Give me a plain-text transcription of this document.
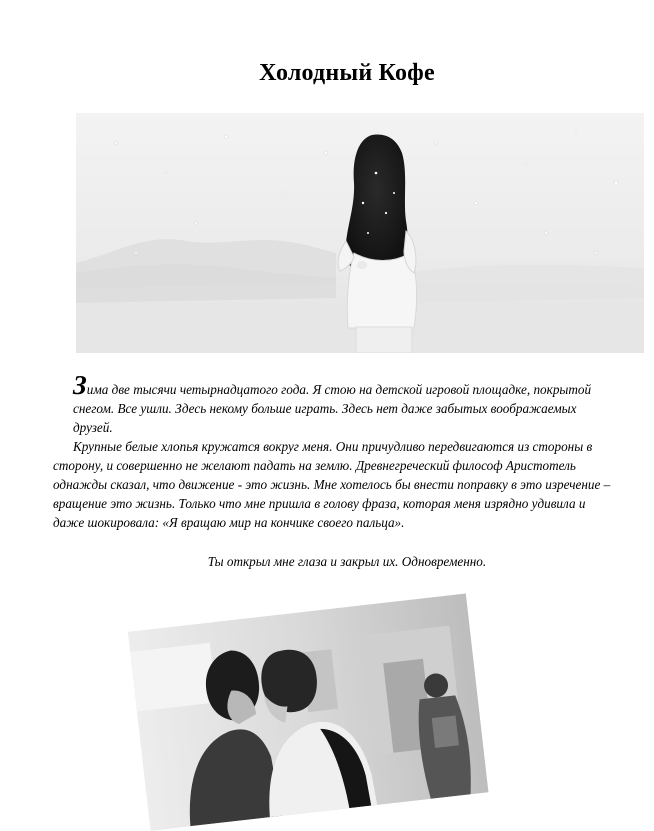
Холодный Кофе

Зима две тысячи четырнадцатого года. Я стою на детской игровой площадке, покрытой снегом. Все ушли. Здесь некому больше играть. Здесь нет даже забытых воображаемых друзей.

Крупные белые хлопья кружатся вокруг меня. Они причудливо передвигаются из стороны в сторону, и совершенно не желают падать на землю. Древнегреческий философ Аристотель однажды сказал, что движение - это жизнь. Мне хотелось бы внести поправку в это изречение – вращение это жизнь. Только что мне пришла в голову фраза, которая меня изрядно удивила и даже шокировала: «Я вращаю мир на кончике своего пальца».

Ты открыл мне глаза и закрыл их. Одновременно.
